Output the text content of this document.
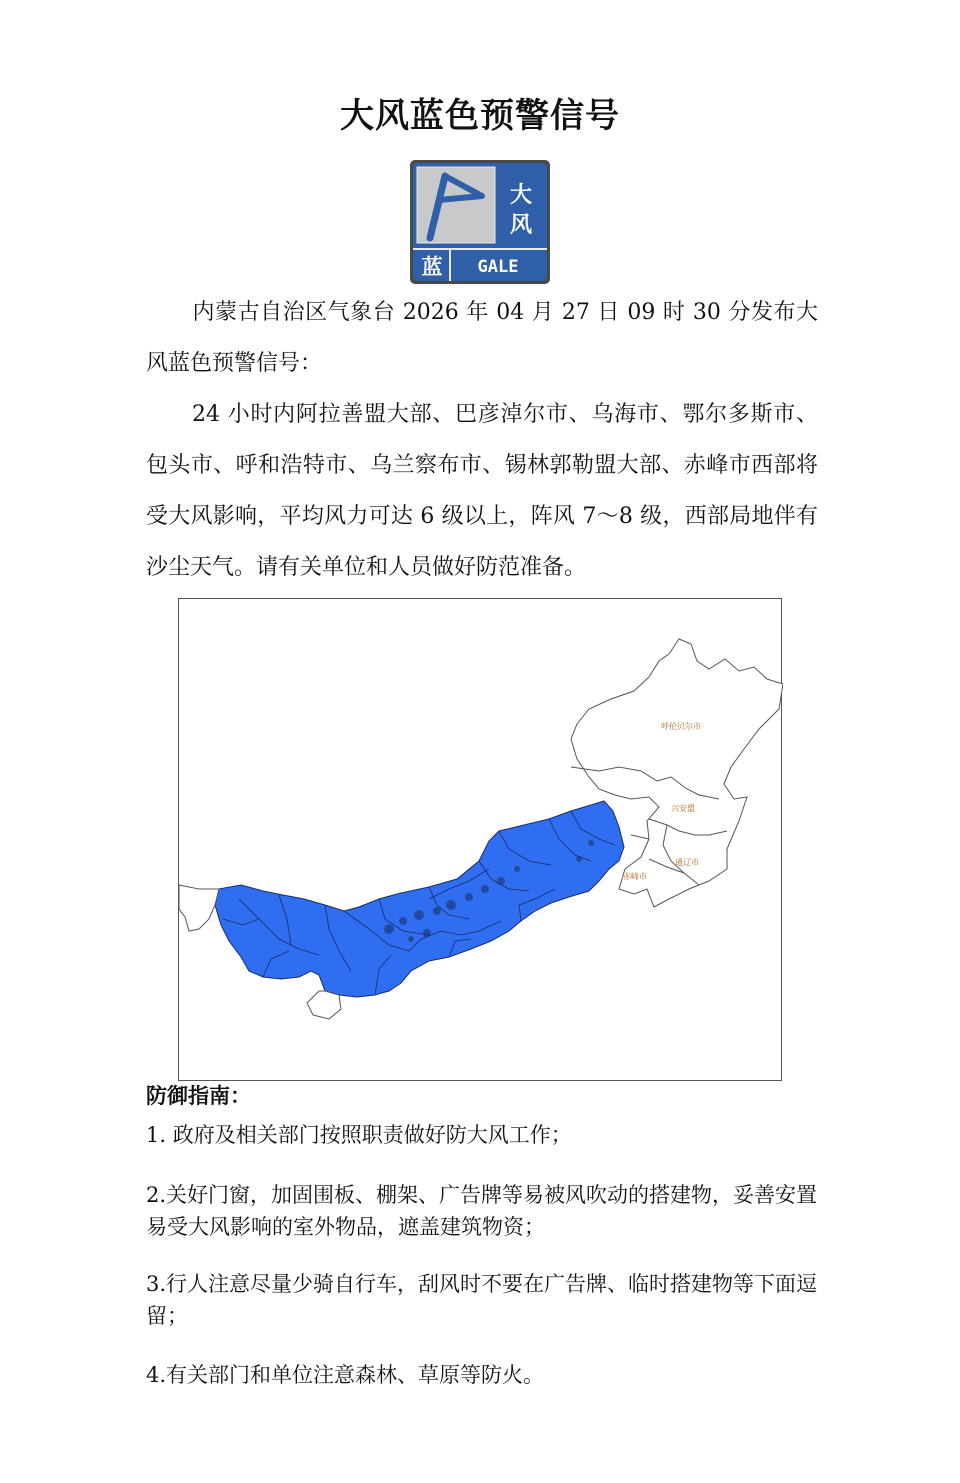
大风蓝色预警信号
大
风
蓝 GALE

内蒙古自治区气象台 2026 年 04 月 27 日 09 时 30 分发布大风蓝色预警信号：

24 小时内阿拉善盟大部、巴彦淖尔市、乌海市、鄂尔多斯市、包头市、呼和浩特市、乌兰察布市、锡林郭勒盟大部、赤峰市西部将受大风影响，平均风力可达 6 级以上，阵风 7～8 级，西部局地伴有沙尘天气。请有关单位和人员做好防范准备。

呼伦贝尔市
兴安盟
通辽市
赤峰市
防御指南：

1. 政府及相关部门按照职责做好防大风工作；

2.关好门窗，加固围板、棚架、广告牌等易被风吹动的搭建物，妥善安置易受大风影响的室外物品，遮盖建筑物资；

3.行人注意尽量少骑自行车，刮风时不要在广告牌、临时搭建物等下面逗留；

4.有关部门和单位注意森林、草原等防火。
